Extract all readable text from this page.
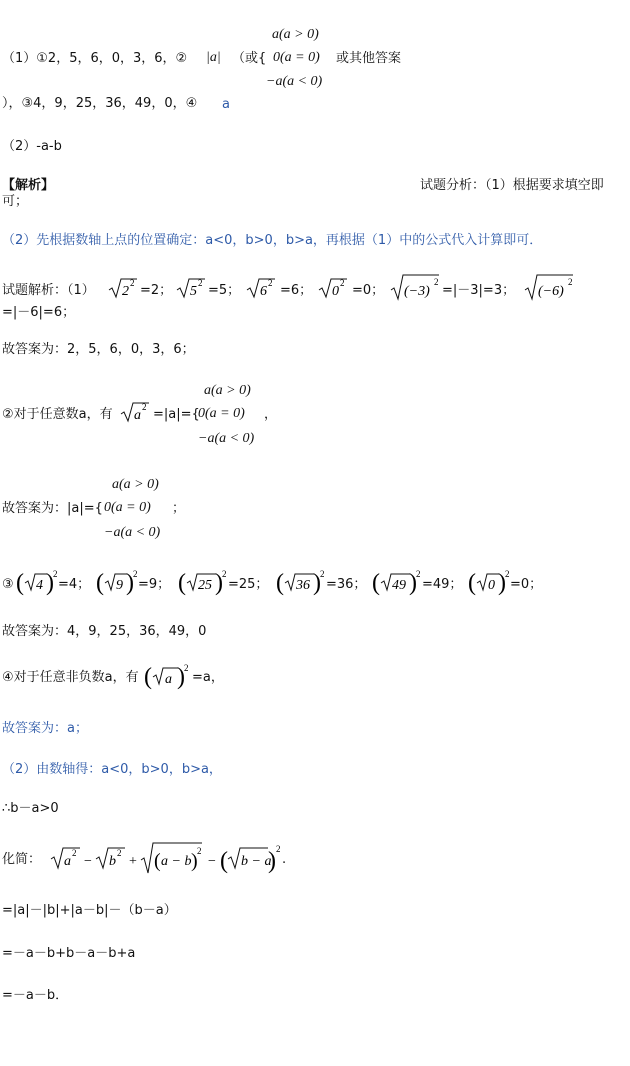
a(a > 0)
（1）①2，5，6，0，3，6，② |a| （或{ 0(a = 0) 或其他答案
−a(a < 0)
），③4，9，25，36，49，0，④ a
（2）-a-b
【解析】	试题分析：（1）根据要求填空即
可；
（2）先根据数轴上点的位置确定：a<0，b>0，b>a，再根据（1）中的公式代入计算即可．
试题解析：（1） 2
2 =2； 5
2 =5； 6
2 =6； 0
2 =0； (−3)
2
=|－3|=3； (−6)
2
=|－6|=6；
故答案为：2，5，6，0，3，6；
a(a > 0)
②对于任意数a，有 a
2 =|a|={
0(a = 0) ，
−a(a < 0)
a(a > 0)
故答案为：|a|={ 0(a = 0) ；
−a(a < 0)
③ ( 4 ) 2
=4； ( 9 ) 2
=9； ( 25 ) 2
=25； ( 36 ) 2
=36； ( 49 ) 2
=49； ( 0 ) 2
=0；
故答案为：4，9，25，36，49，0
④对于任意非负数a，有 ( a ) 2
=a，
故答案为：a；
（2）由数轴得：a<0，b>0，b>a，
∴b－a>0
化简： a
2
− b
2
+ ( a − b ) 2
− ( b − a
) 2
.
=|a|－|b|+|a－b|－（b－a）
=－a－b+b－a－b+a
=－a－b．
